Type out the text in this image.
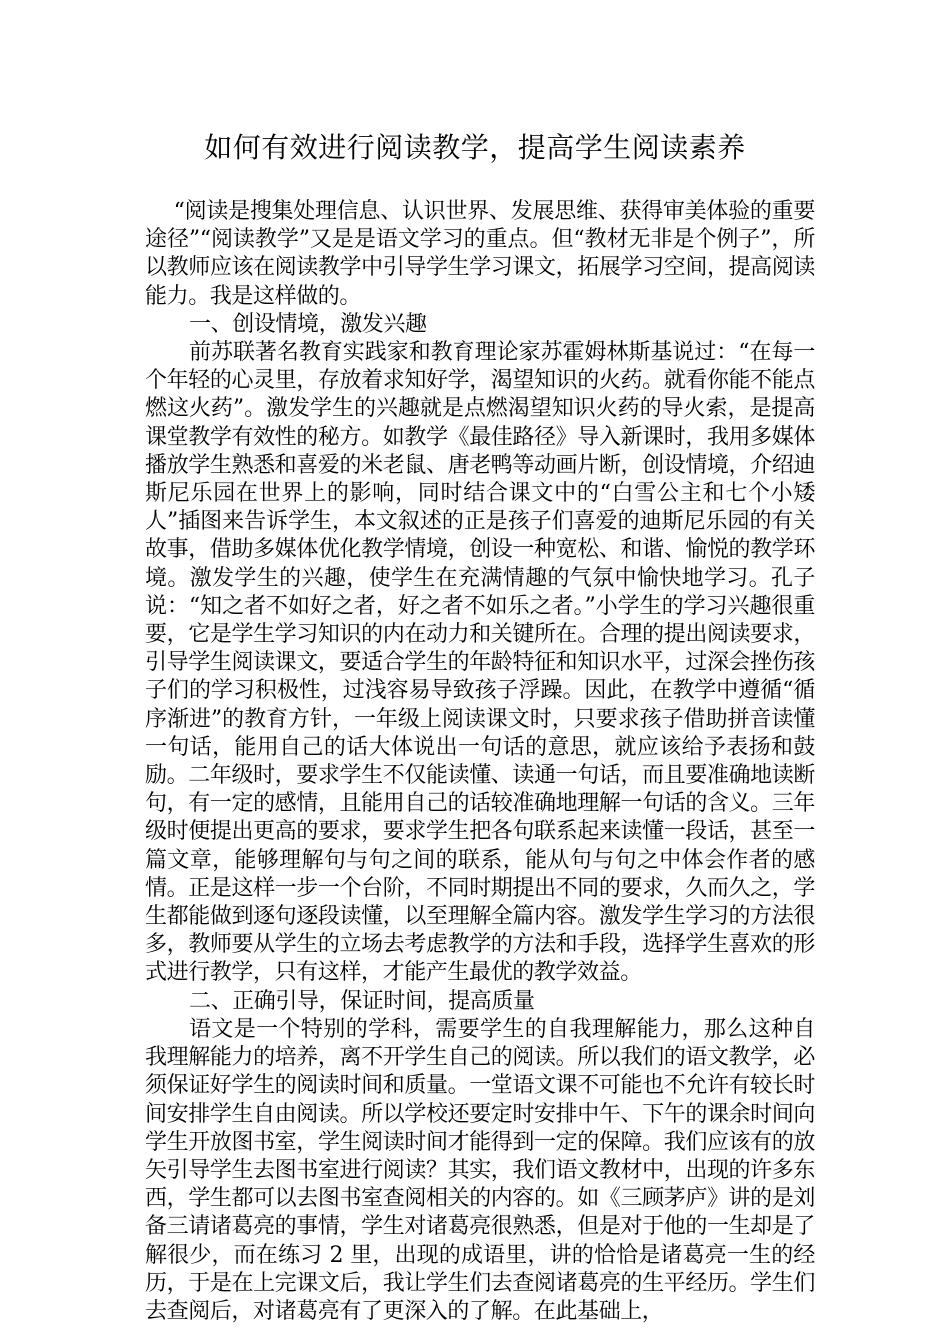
如何有效进行阅读教学，提高学生阅读素养

“阅读是搜集处理信息、认识世界、发展思维、获得审美体验的重要途径”“阅读教学”又是是语文学习的重点。但“教材无非是个例子”，所以教师应该在阅读教学中引导学生学习课文，拓展学习空间，提高阅读能力。我是这样做的。

一、创设情境，激发兴趣

前苏联著名教育实践家和教育理论家苏霍姆林斯基说过：“在每一个年轻的心灵里，存放着求知好学，渴望知识的火药。就看你能不能点燃这火药”。激发学生的兴趣就是点燃渴望知识火药的导火索，是提高课堂教学有效性的秘方。如教学《最佳路径》导入新课时，我用多媒体播放学生熟悉和喜爱的米老鼠、唐老鸭等动画片断，创设情境，介绍迪斯尼乐园在世界上的影响，同时结合课文中的“白雪公主和七个小矮人”插图来告诉学生，本文叙述的正是孩子们喜爱的迪斯尼乐园的有关故事，借助多媒体优化教学情境，创设一种宽松、和谐、愉悦的教学环境。激发学生的兴趣，使学生在充满情趣的气氛中愉快地学习。孔子说：“知之者不如好之者，好之者不如乐之者。”小学生的学习兴趣很重要，它是学生学习知识的内在动力和关键所在。合理的提出阅读要求，引导学生阅读课文，要适合学生的年龄特征和知识水平，过深会挫伤孩子们的学习积极性，过浅容易导致孩子浮躁。因此，在教学中遵循“循序渐进”的教育方针，一年级上阅读课文时，只要求孩子借助拼音读懂一句话，能用自己的话大体说出一句话的意思，就应该给予表扬和鼓励。二年级时，要求学生不仅能读懂、读通一句话，而且要准确地读断句，有一定的感情，且能用自己的话较准确地理解一句话的含义。三年级时便提出更高的要求，要求学生把各句联系起来读懂一段话，甚至一篇文章，能够理解句与句之间的联系，能从句与句之中体会作者的感情。正是这样一步一个台阶，不同时期提出不同的要求，久而久之，学生都能做到逐句逐段读懂，以至理解全篇内容。激发学生学习的方法很多，教师要从学生的立场去考虑教学的方法和手段，选择学生喜欢的形式进行教学，只有这样，才能产生最优的教学效益。

二、正确引导，保证时间，提高质量

语文是一个特别的学科，需要学生的自我理解能力，那么这种自我理解能力的培养，离不开学生自己的阅读。所以我们的语文教学，必须保证好学生的阅读时间和质量。一堂语文课不可能也不允许有较长时间安排学生自由阅读。所以学校还要定时安排中午、下午的课余时间向学生开放图书室，学生阅读时间才能得到一定的保障。我们应该有的放矢引导学生去图书室进行阅读？其实，我们语文教材中，出现的许多东西，学生都可以去图书室查阅相关的内容的。如《三顾茅庐》讲的是刘备三请诸葛亮的事情，学生对诸葛亮很熟悉，但是对于他的一生却是了解很少，而在练习 2 里，出现的成语里，讲的恰恰是诸葛亮一生的经历，于是在上完课文后，我让学生们去查阅诸葛亮的生平经历。学生们去查阅后，对诸葛亮有了更深入的了解。在此基础上，
